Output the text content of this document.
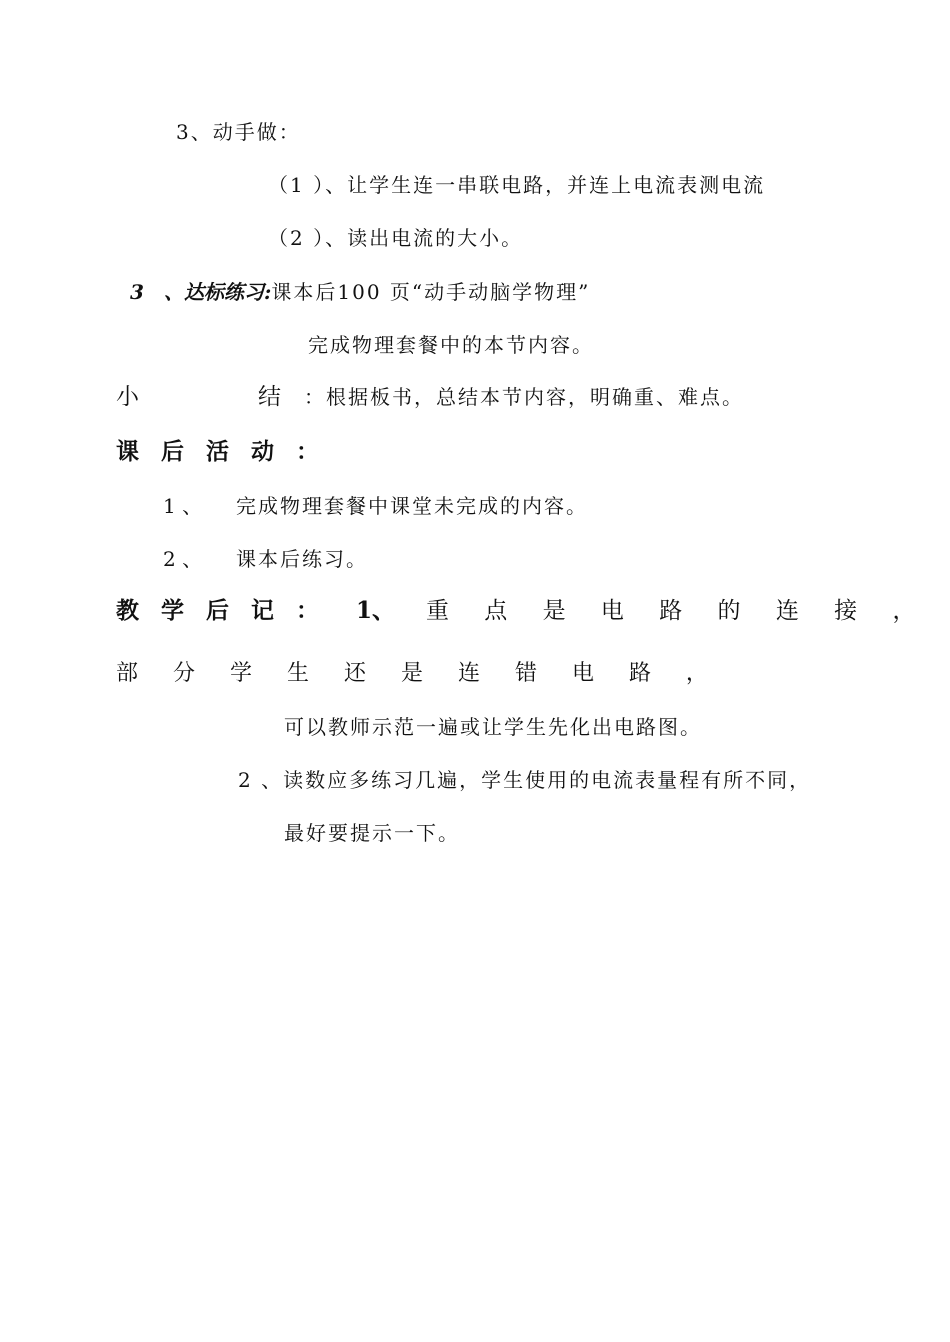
3、动手做：
（1 ）、让学生连一串联电路，并连上电流表测电流
（2 ）、读出电流的大小。
3 、达标练习:课本后100 页“动手动脑学物理”
完成物理套餐中的本节内容。
小	结 ：根据板书，总结本节内容，明确重、难点。
课 后 活 动 ：
1 、 完成物理套餐中课堂未完成的内容。
2 、 课本后练习。
教 学 后 记 ： 1、 重 点 是 电 路 的 连 接 ，
部 分 学 生 还 是 连 错 电 路 ，
可以教师示范一遍或让学生先化出电路图。
2 、读数应多练习几遍，学生使用的电流表量程有所不同，
最好要提示一下。
